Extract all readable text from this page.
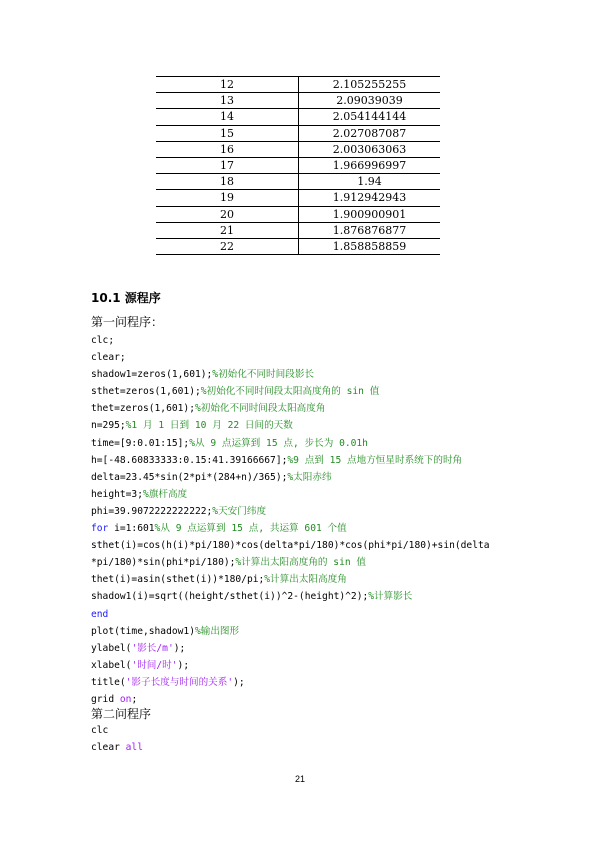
12	2.105255255
13	2.09039039
14	2.054144144
15	2.027087087
16	2.003063063
17	1.966996997
18	1.94
19	1.912942943
20	1.900900901
21	1.876876877
22	1.858858859
10.1 源程序
第一问程序：
clc;
clear;
shadow1=zeros(1,601);%初始化不同时间段影长
sthet=zeros(1,601);%初始化不同时间段太阳高度角的 sin 值
thet=zeros(1,601);%初始化不同时间段太阳高度角
n=295;%1 月 1 日到 10 月 22 日间的天数
time=[9:0.01:15];%从 9 点运算到 15 点, 步长为 0.01h
h=[-48.60833333:0.15:41.39166667];%9 点到 15 点地方恒星时系统下的时角
delta=23.45*sin(2*pi*(284+n)/365);%太阳赤纬
height=3;%旗杆高度
phi=39.9072222222222;%天安门纬度
for i=1:601%从 9 点运算到 15 点, 共运算 601 个值
sthet(i)=cos(h(i)*pi/180)*cos(delta*pi/180)*cos(phi*pi/180)+sin(delta
*pi/180)*sin(phi*pi/180);%计算出太阳高度角的 sin 值
thet(i)=asin(sthet(i))*180/pi;%计算出太阳高度角
shadow1(i)=sqrt((height/sthet(i))^2-(height)^2);%计算影长
end
plot(time,shadow1)%输出图形
ylabel('影长/m');
xlabel('时间/时');
title('影子长度与时间的关系');
grid on;
第二问程序
clc
clear all
21
